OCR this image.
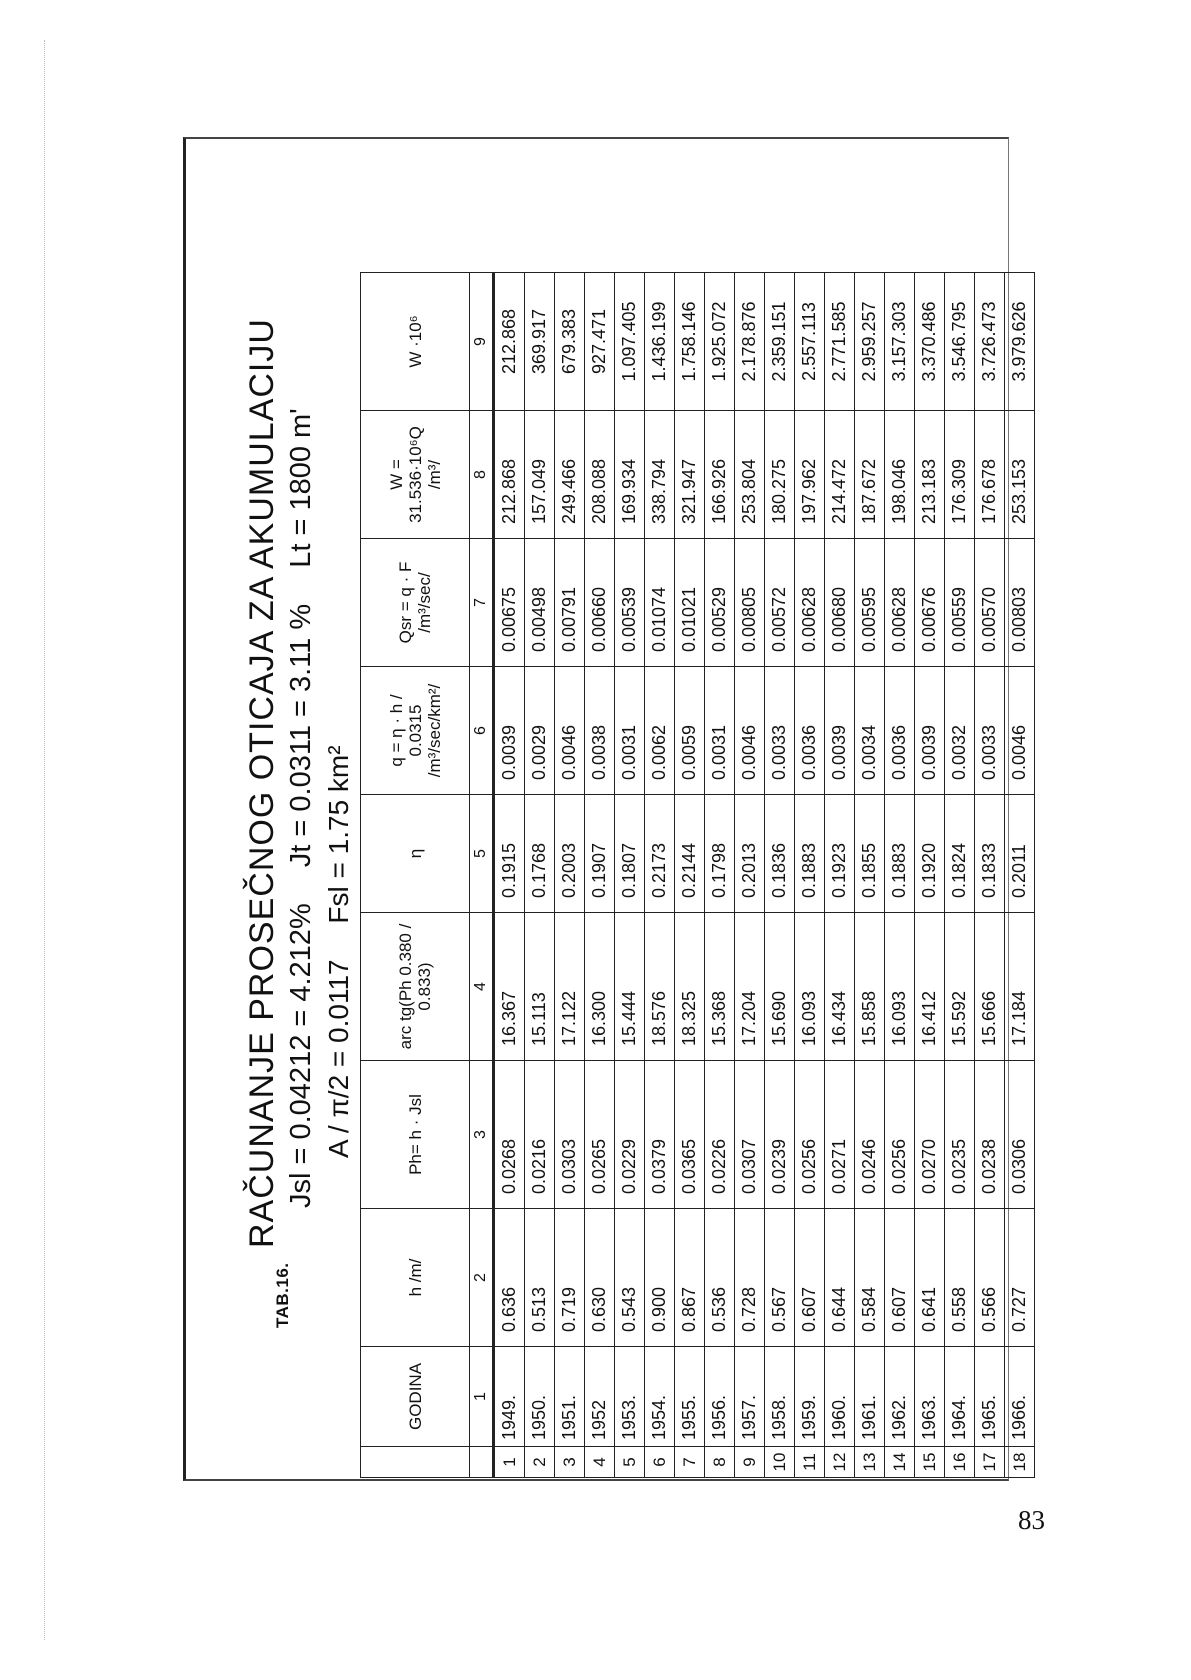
TAB.16.
RAČUNANJE PROSEČNOG OTICAJA ZA AKUMULACIJU Jsl = 0.04212 = 4.212% Jt = 0.0311 = 3.11 % Lt = 1800 m'
A / π/2 = 0.0117 Fsl = 1.75 km²
	GODINA	h /m/	Ph= h · Jsl	arc tg(Ph 0.380 / 0.833)	η	q = η · h / 0.0315 /m³/sec/km²/	Qsr = q · F /m³/sec/	W = 31.536·10⁶Q /m³/	W ·10⁶
	1	2	3	4	5	6	7	8	9
1	1949.	0.636	0.0268	16.367	0.1915	0.0039	0.00675	212.868	212.868
2	1950.	0.513	0.0216	15.113	0.1768	0.0029	0.00498	157.049	369.917
3	1951.	0.719	0.0303	17.122	0.2003	0.0046	0.00791	249.466	679.383
4	1952	0.630	0.0265	16.300	0.1907	0.0038	0.00660	208.088	927.471
5	1953.	0.543	0.0229	15.444	0.1807	0.0031	0.00539	169.934	1.097.405
6	1954.	0.900	0.0379	18.576	0.2173	0.0062	0.01074	338.794	1.436.199
7	1955.	0.867	0.0365	18.325	0.2144	0.0059	0.01021	321.947	1.758.146
8	1956.	0.536	0.0226	15.368	0.1798	0.0031	0.00529	166.926	1.925.072
9	1957.	0.728	0.0307	17.204	0.2013	0.0046	0.00805	253.804	2.178.876
10	1958.	0.567	0.0239	15.690	0.1836	0.0033	0.00572	180.275	2.359.151
11	1959.	0.607	0.0256	16.093	0.1883	0.0036	0.00628	197.962	2.557.113
12	1960.	0.644	0.0271	16.434	0.1923	0.0039	0.00680	214.472	2.771.585
13	1961.	0.584	0.0246	15.858	0.1855	0.0034	0.00595	187.672	2.959.257
14	1962.	0.607	0.0256	16.093	0.1883	0.0036	0.00628	198.046	3.157.303
15	1963.	0.641	0.0270	16.412	0.1920	0.0039	0.00676	213.183	3.370.486
16	1964.	0.558	0.0235	15.592	0.1824	0.0032	0.00559	176.309	3.546.795
17	1965.	0.566	0.0238	15.666	0.1833	0.0033	0.00570	176.678	3.726.473
18	1966.	0.727	0.0306	17.184	0.2011	0.0046	0.00803	253.153	3.979.626
83
